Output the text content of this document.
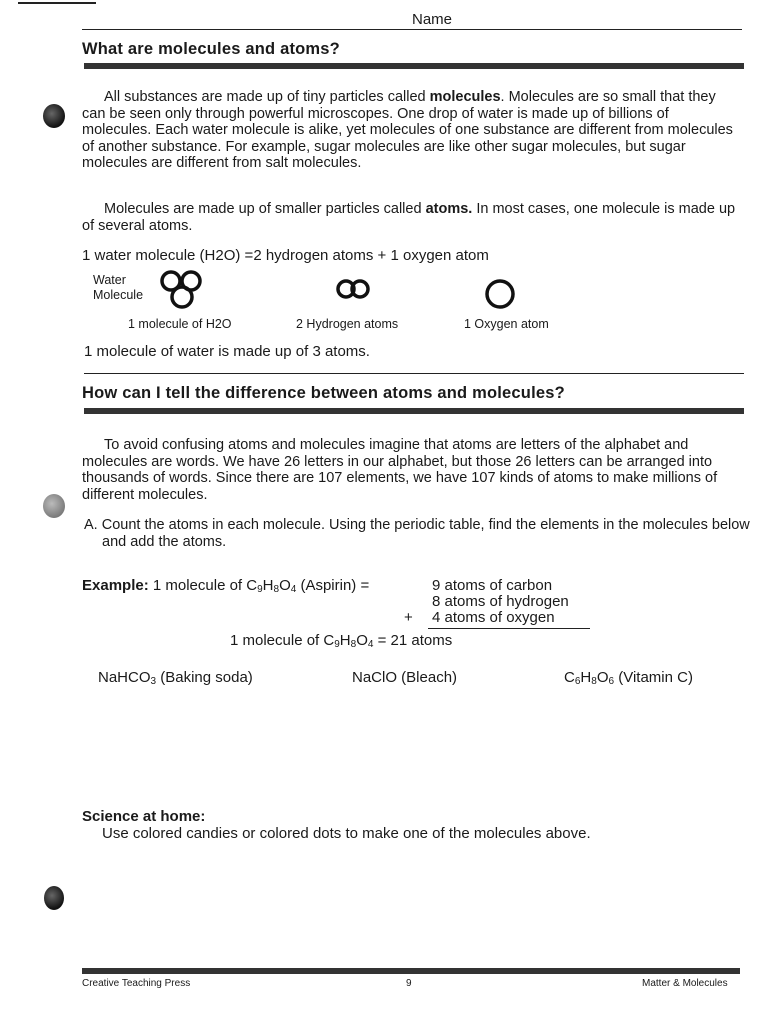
Name
What are molecules and atoms?

All substances are made up of tiny particles called molecules. Molecules are so small that they can be seen only through powerful microscopes. One drop of water is made up of billions of molecules. Each water molecule is alike, yet molecules of one substance are different from molecules of another substance. For example, sugar molecules are like other sugar molecules, but sugar molecules are different from salt molecules.

Molecules are made up of smaller particles called atoms. In most cases, one molecule is made up of several atoms.

1 water molecule (H2O) =2 hydrogen atoms + 1 oxygen atom
Water
Molecule
1 molecule of H2O	2 Hydrogen atoms	1 Oxygen atom
1 molecule of water is made up of 3 atoms.
How can I tell the difference between atoms and molecules?

To avoid confusing atoms and molecules imagine that atoms are letters of the alphabet and molecules are words. We have 26 letters in our alphabet, but those 26 letters can be arranged into thousands of words. Since there are 107 elements, we have 107 kinds of atoms to make millions of different molecules.

A. Count the atoms in each molecule. Using the periodic table, find the elements in the molecules below and add the atoms.
Example: 1 molecule of $C_9H_8O_4$ (Aspirin) =	9 atoms of carbon
8 atoms of hydrogen
+ 4 atoms of oxygen
1 molecule of $C_9H_8O_4 = 21$ atoms
NaHCO$_3$ (Baking soda)	NaClO (Bleach)	$C_6H_8O_6$ (Vitamin C)
Science at home:
Use colored candies or colored dots to make one of the molecules above.
Creative Teaching Press	9	Matter & Molecules
